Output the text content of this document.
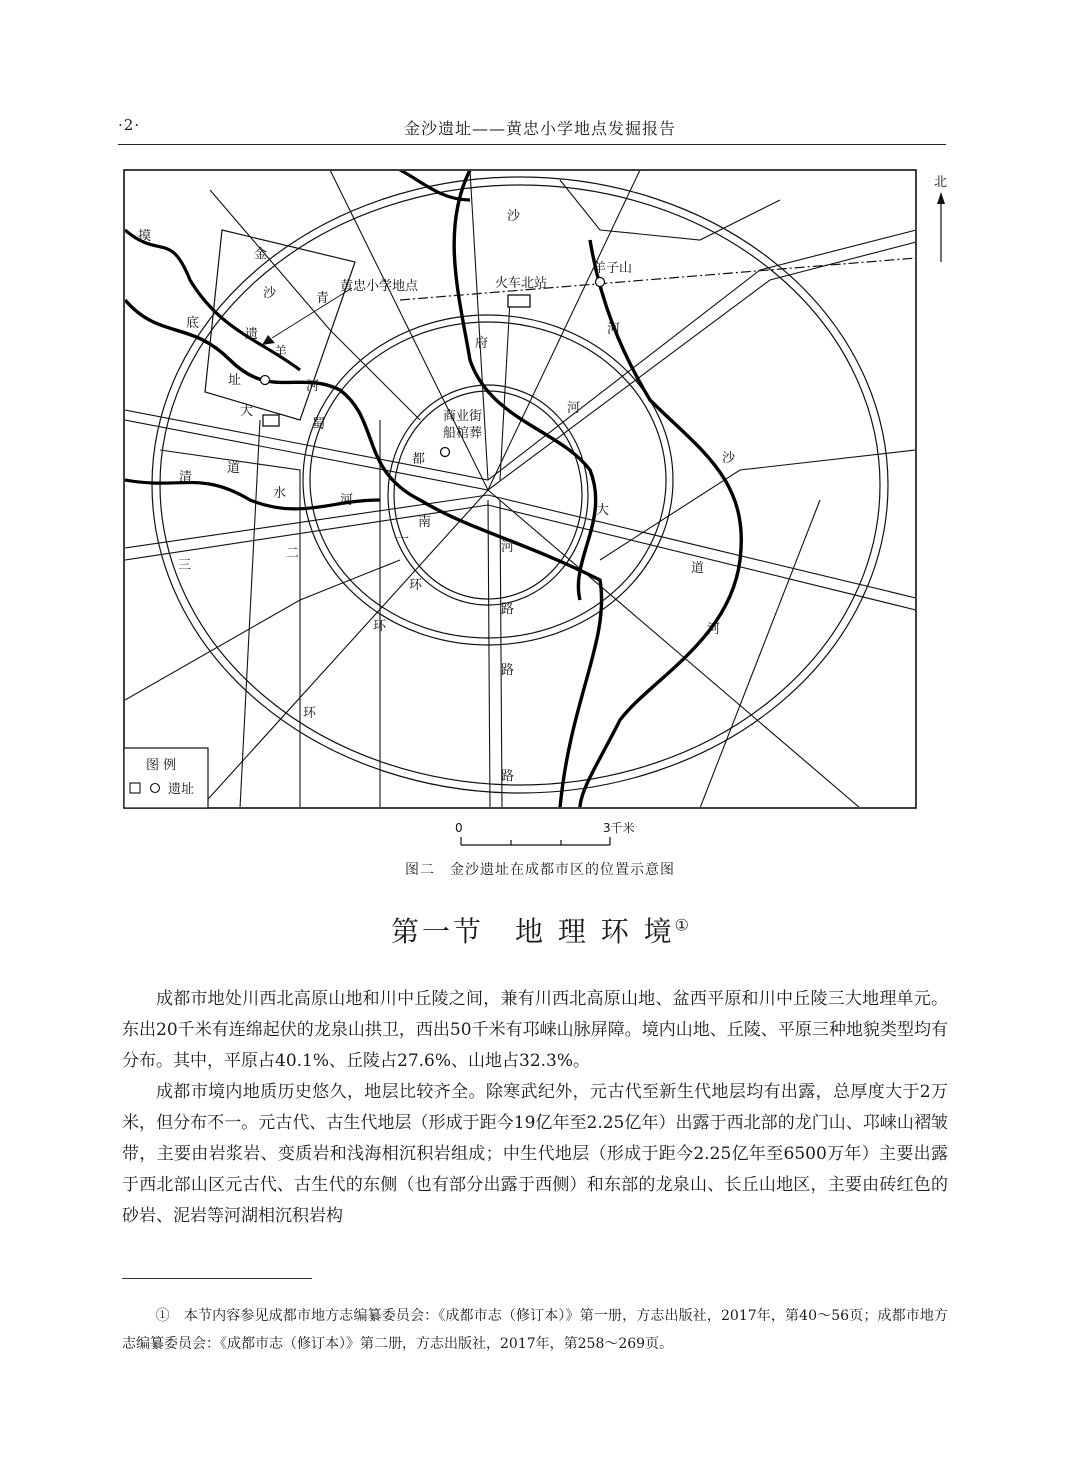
·2·	金沙遗址——黄忠小学地点发掘报告
黄忠小学地点	火车北站
羊子山
商业街
船棺葬
摸
底
金
沙
遗
址
青
羊
河
大
蜀
都
沙
府
河
河
沙
大
道
河
清
道
水	河
南
河
一
环
路
二
环
路
三
环
路
北
图 例
遗址
0	3千米
图二　金沙遗址在成都市区的位置示意图
第一节　地 理 环 境①

成都市地处川西北高原山地和川中丘陵之间，兼有川西北高原山地、盆西平原和川中丘陵三大地理单元。东出20千米有连绵起伏的龙泉山拱卫，西出50千米有邛崃山脉屏障。境内山地、丘陵、平原三种地貌类型均有分布。其中，平原占40.1%、丘陵占27.6%、山地占32.3%。

成都市境内地质历史悠久，地层比较齐全。除寒武纪外，元古代至新生代地层均有出露，总厚度大于2万米，但分布不一。元古代、古生代地层（形成于距今19亿年至2.25亿年）出露于西北部的龙门山、邛崃山褶皱带，主要由岩浆岩、变质岩和浅海相沉积岩组成；中生代地层（形成于距今2.25亿年至6500万年）主要出露于西北部山区元古代、古生代的东侧（也有部分出露于西侧）和东部的龙泉山、长丘山地区，主要由砖红色的砂岩、泥岩等河湖相沉积岩构

①　本节内容参见成都市地方志编纂委员会：《成都市志（修订本）》第一册，方志出版社，2017年，第40～56页；成都市地方志编纂委员会：《成都市志（修订本）》第二册，方志出版社，2017年，第258～269页。
